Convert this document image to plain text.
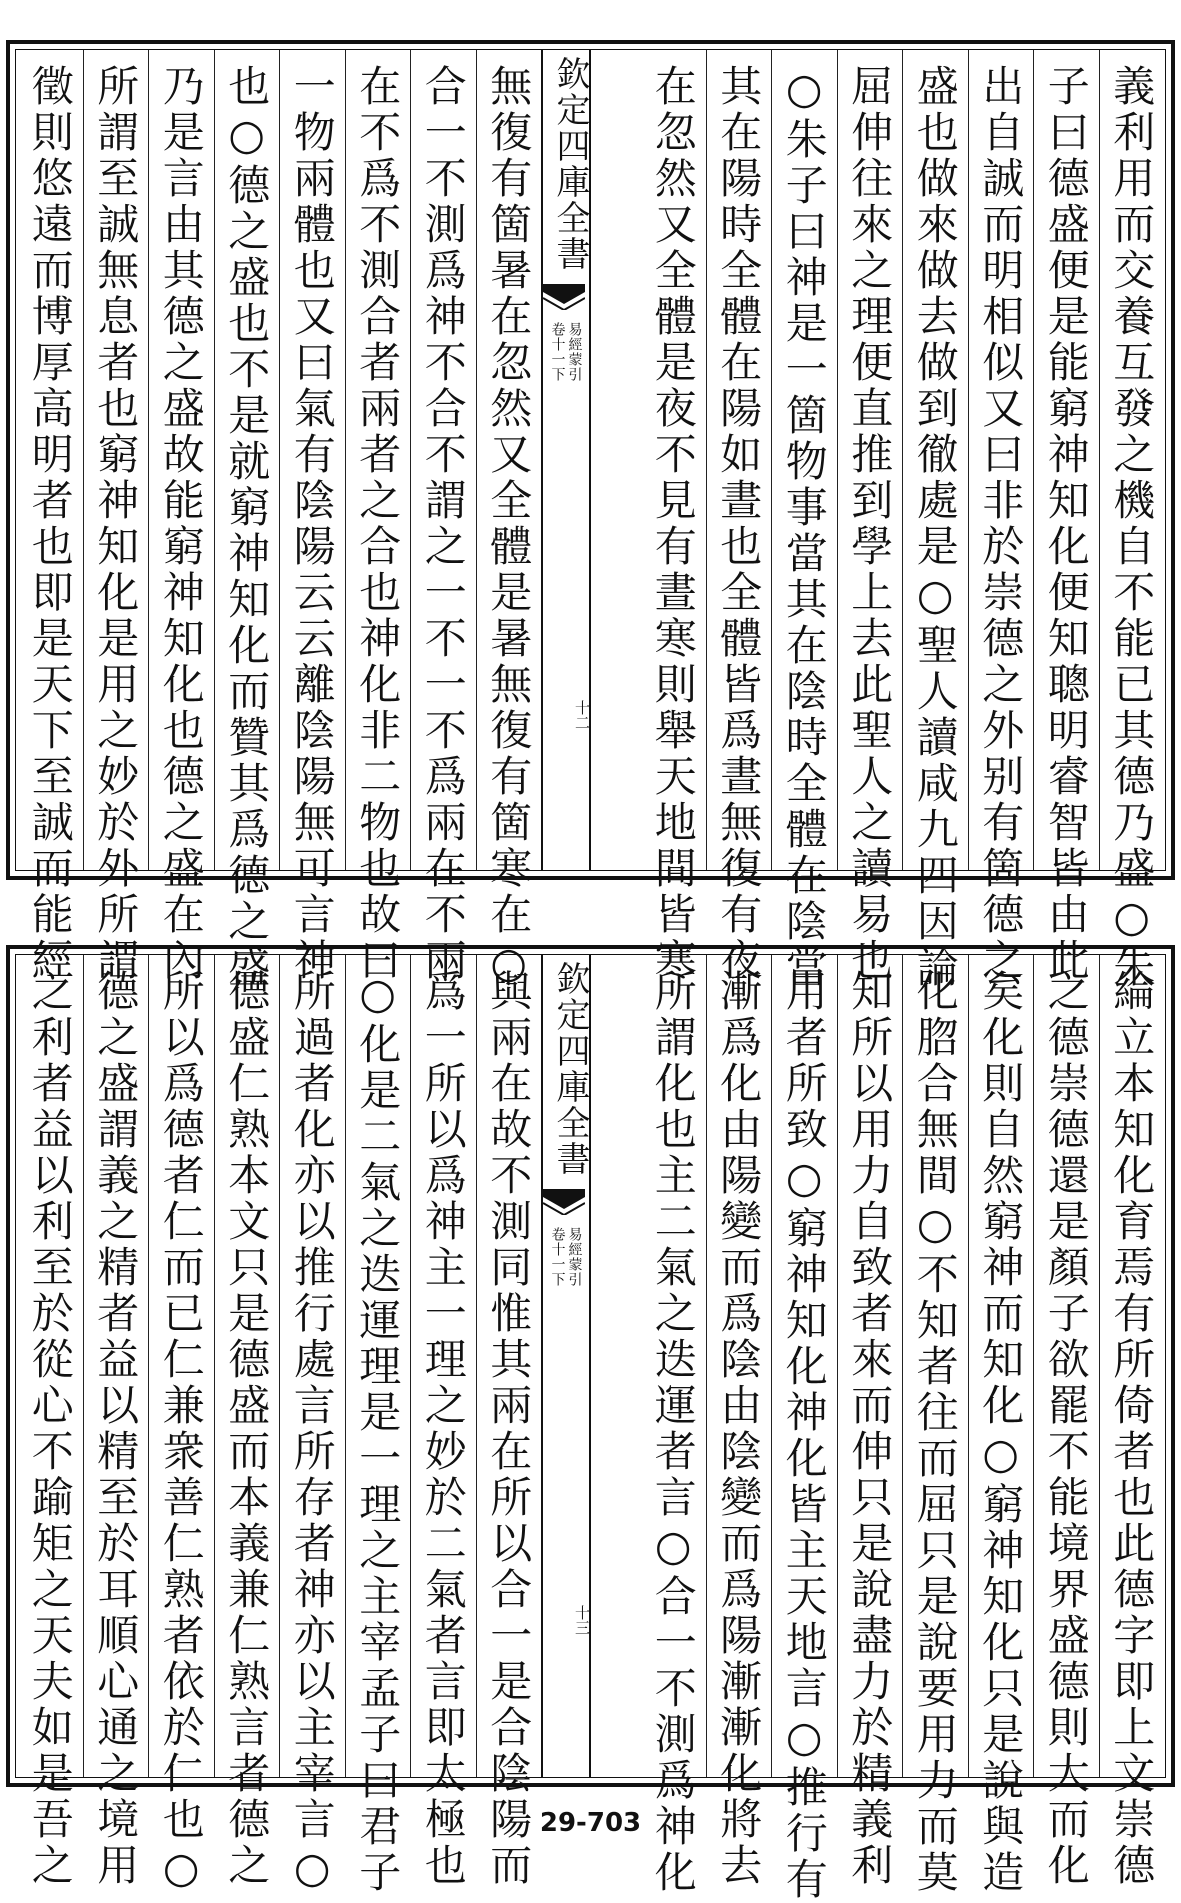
義利用而交養互發之機自不能已其德乃盛○朱
子曰德盛便是能窮神知化便知聰明睿智皆由此
出自誠而明相似又曰非於崇德之外别有箇德之
盛也做來做去做到徹處是○聖人讀咸九四因論
屈伸往來之理便直推到學上去此聖人之讀易也
○朱子曰神是一箇物事當其在陰時全體在陰當
其在陽時全體在陽如晝也全體皆爲晝無復有夜
在忽然又全體是夜不見有晝寒則舉天地間皆寒
無復有箇暑在忽然又全體是暑無復有箇寒在○
合一不測爲神不合不謂之一不一不爲兩在不兩
在不爲不測合者兩者之合也神化非二物也故曰
一物兩體也又曰氣有陰陽云云離陰陽無可言神
也○德之盛也不是就窮神知化而贊其爲德之盛
乃是言由其德之盛故能窮神知化也德之盛在內
所謂至誠無息者也窮神知化是用之妙於外所謂
徵則悠遠而博厚高明者也即是天下至誠而能經	欽定四庫全書
易經蒙引
卷十一下
十二
綸立本知化育焉有所倚者也此德字即上文崇德
之德崇德還是顏子欲罷不能境界盛德則大而化
矣化則自然窮神而知化○窮神知化只是說與造
化脗合無間○不知者往而屈只是說要用力而莫
知所以用力自致者來而伸只是說盡力於精義利
用者所致○窮神知化神化皆主天地言○推行有
漸爲化由陽變而爲陰由陰變而爲陽漸漸化將去
所謂化也主二氣之迭運者言○合一不測爲神化
與兩在故不測同惟其兩在所以合一是合陰陽而
爲一所以爲神主一理之妙於二氣者言即太極也
○化是二氣之迭運理是一理之主宰孟子曰君子
所過者化亦以推行處言所存者神亦以主宰言○
德盛仁熟本文只是德盛而本義兼仁熟言者德之
所以爲德者仁而已仁兼衆善仁熟者依於仁也○
德之盛謂義之精者益以精至於耳順心通之境用
之利者益以利至於從心不踰矩之天夫如是吾之	欽定四庫全書
易經蒙引
卷十一下
十三
29-703
